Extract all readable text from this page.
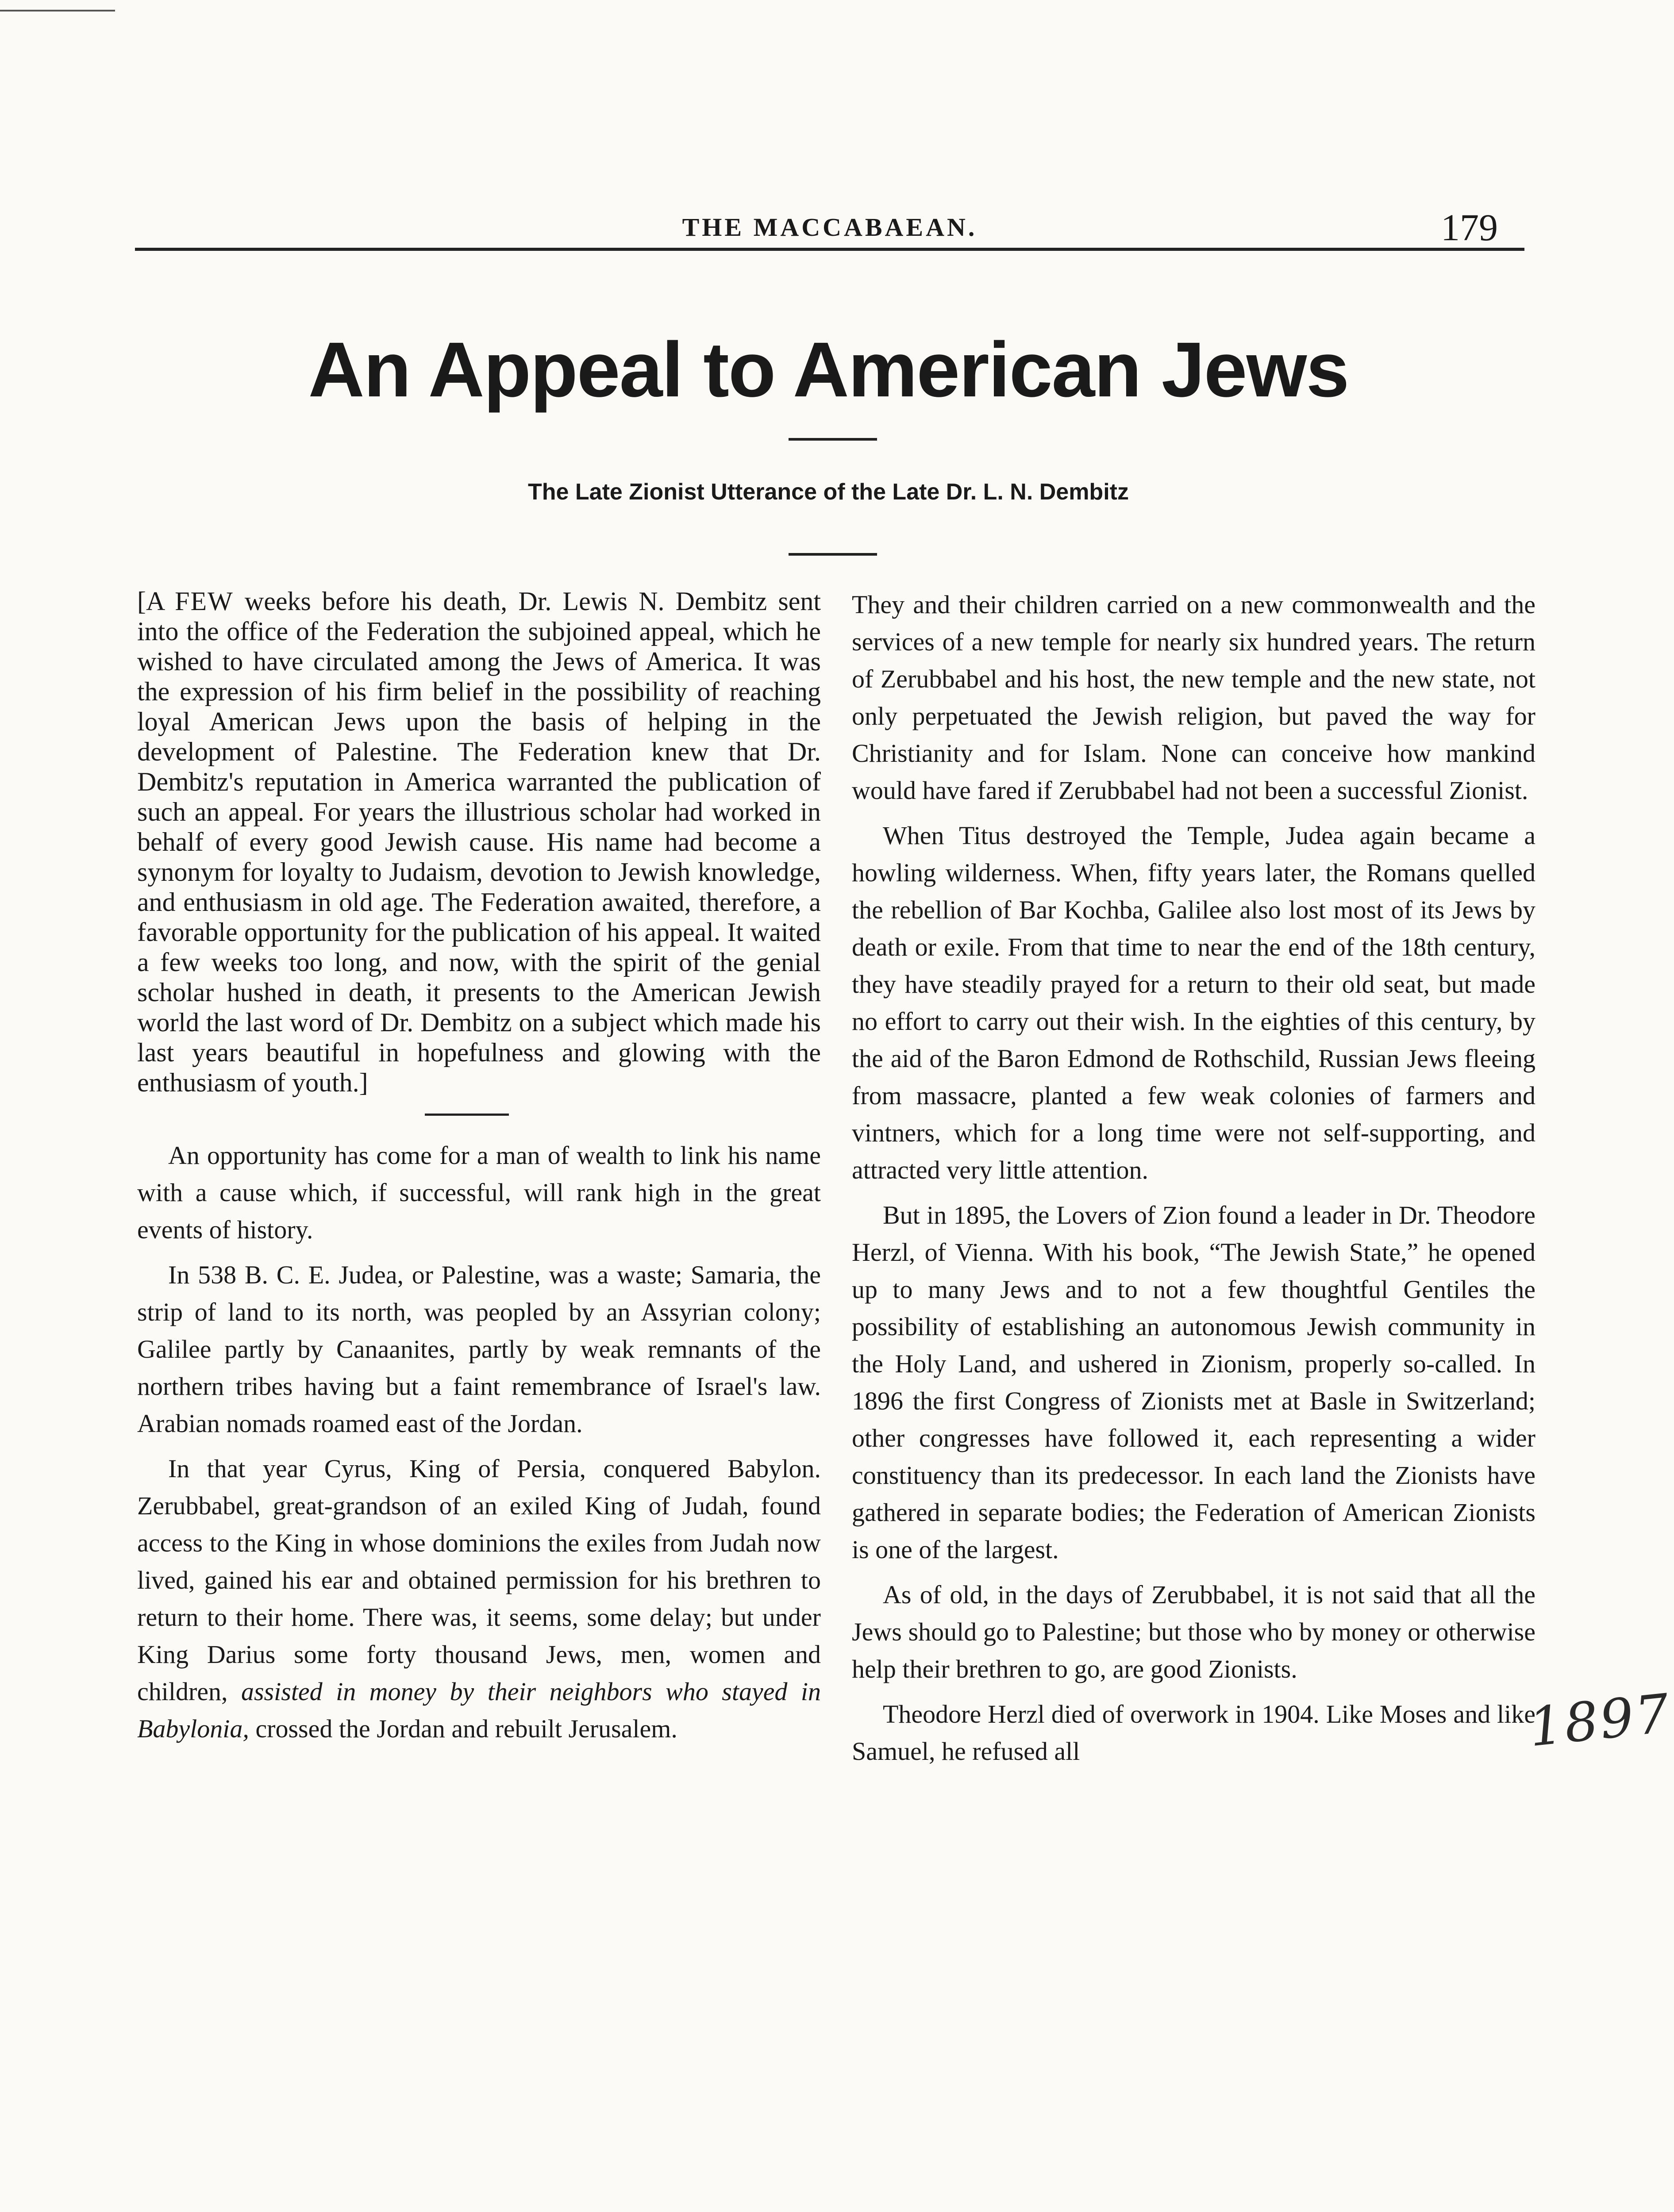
THE MACCABAEAN.	179
An Appeal to American Jews
The Late Zionist Utterance of the Late Dr. L. N. Dembitz

[A FEW weeks before his death, Dr. Lewis N. Dembitz sent into the office of the Federation the subjoined appeal, which he wished to have circulated among the Jews of America. It was the expression of his firm belief in the possibility of reaching loyal American Jews upon the basis of helping in the development of Palestine. The Federation knew that Dr. Dembitz's reputation in America warranted the publication of such an appeal. For years the illustrious scholar had worked in behalf of every good Jewish cause. His name had become a synonym for loyalty to Judaism, devotion to Jewish knowledge, and enthusiasm in old age. The Federation awaited, therefore, a favorable opportunity for the publication of his appeal. It waited a few weeks too long, and now, with the spirit of the genial scholar hushed in death, it presents to the American Jewish world the last word of Dr. Dembitz on a subject which made his last years beautiful in hopefulness and glowing with the enthusiasm of youth.]

An opportunity has come for a man of wealth to link his name with a cause which, if successful, will rank high in the great events of history.

In 538 B. C. E. Judea, or Palestine, was a waste; Samaria, the strip of land to its north, was peopled by an Assyrian colony; Galilee partly by Canaanites, partly by weak remnants of the northern tribes having but a faint remembrance of Israel's law. Arabian nomads roamed east of the Jordan.

In that year Cyrus, King of Persia, conquered Babylon. Zerubbabel, great-grandson of an exiled King of Judah, found access to the King in whose dominions the exiles from Judah now lived, gained his ear and obtained permission for his brethren to return to their home. There was, it seems, some delay; but under King Darius some forty thousand Jews, men, women and children, assisted in money by their neighbors who stayed in Babylonia, crossed the Jordan and rebuilt Jerusalem.

They and their children carried on a new commonwealth and the services of a new temple for nearly six hundred years. The return of Zerubbabel and his host, the new temple and the new state, not only perpetuated the Jewish religion, but paved the way for Christianity and for Islam. None can conceive how mankind would have fared if Zerubbabel had not been a successful Zionist.

When Titus destroyed the Temple, Judea again became a howling wilderness. When, fifty years later, the Romans quelled the rebellion of Bar Kochba, Galilee also lost most of its Jews by death or exile. From that time to near the end of the 18th century, they have steadily prayed for a return to their old seat, but made no effort to carry out their wish. In the eighties of this century, by the aid of the Baron Edmond de Rothschild, Russian Jews fleeing from massacre, planted a few weak colonies of farmers and vintners, which for a long time were not self-supporting, and attracted very little attention.

But in 1895, the Lovers of Zion found a leader in Dr. Theodore Herzl, of Vienna. With his book, “The Jewish State,” he opened up to many Jews and to not a few thoughtful Gentiles the possibility of establishing an autonomous Jewish community in the Holy Land, and ushered in Zionism, properly so-called. In 1896 the first Congress of Zionists met at Basle in Switzerland; other congresses have followed it, each representing a wider constituency than its predecessor. In each land the Zionists have gathered in separate bodies; the Federation of American Zionists is one of the largest.

As of old, in the days of Zerubbabel, it is not said that all the Jews should go to Palestine; but those who by money or otherwise help their brethren to go, are good Zionists.

Theodore Herzl died of overwork in 1904. Like Moses and like Samuel, he refused all	1897
